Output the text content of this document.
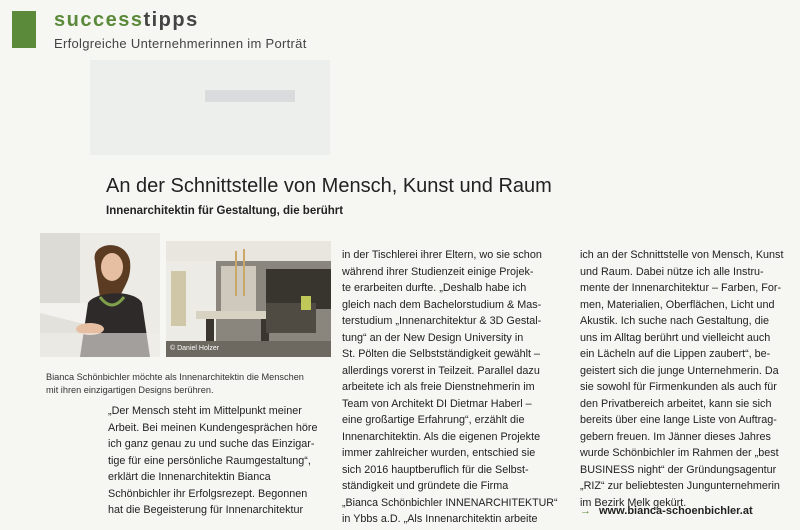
successtipps
Erfolgreiche Unternehmerinnen im Porträt
An der Schnittstelle von Mensch, Kunst und Raum
Innenarchitektin für Gestaltung, die berührt
© Daniel Holzer
Bianca Schönbichler möchte als Innenarchitektin die Menschen
mit ihren einzigartigen Designs berühren.
„Der Mensch steht im Mittelpunkt meiner
Arbeit. Bei meinen Kundengesprächen höre
ich ganz genau zu und suche das Einzigar-
tige für eine persönliche Raumgestaltung“,
erklärt die Innenarchitektin Bianca
Schönbichler ihr Erfolgsrezept. Begonnen
hat die Begeisterung für Innenarchitektur
in der Tischlerei ihrer Eltern, wo sie schon
während ihrer Studienzeit einige Projek-
te erarbeiten durfte. „Deshalb habe ich
gleich nach dem Bachelorstudium & Mas-
terstudium „Innenarchitektur & 3D Gestal-
tung“ an der New Design University in
St. Pölten die Selbstständigkeit gewählt –
allerdings vorerst in Teilzeit. Parallel dazu
arbeitete ich als freie Dienstnehmerin im
Team von Architekt DI Dietmar Haberl –
eine großartige Erfahrung“, erzählt die
Innenarchitektin. Als die eigenen Projekte
immer zahlreicher wurden, entschied sie
sich 2016 hauptberuflich für die Selbst-
ständigkeit und gründete die Firma
„Bianca Schönbichler INNENARCHITEKTUR“
in Ybbs a.D. „Als Innenarchitektin arbeite
ich an der Schnittstelle von Mensch, Kunst
und Raum. Dabei nütze ich alle Instru-
mente der Innenarchitektur – Farben, For-
men, Materialien, Oberflächen, Licht und
Akustik. Ich suche nach Gestaltung, die
uns im Alltag berührt und vielleicht auch
ein Lächeln auf die Lippen zaubert“, be-
geistert sich die junge Unternehmerin. Da
sie sowohl für Firmenkunden als auch für
den Privatbereich arbeitet, kann sie sich
bereits über eine lange Liste von Auftrag-
gebern freuen. Im Jänner dieses Jahres
wurde Schönbichler im Rahmen der „best
BUSINESS night“ der Gründungsagentur
„RIZ“ zur beliebtesten Jungunternehmerin
im Bezirk Melk gekürt.
→ www.bianca-schoenbichler.at
